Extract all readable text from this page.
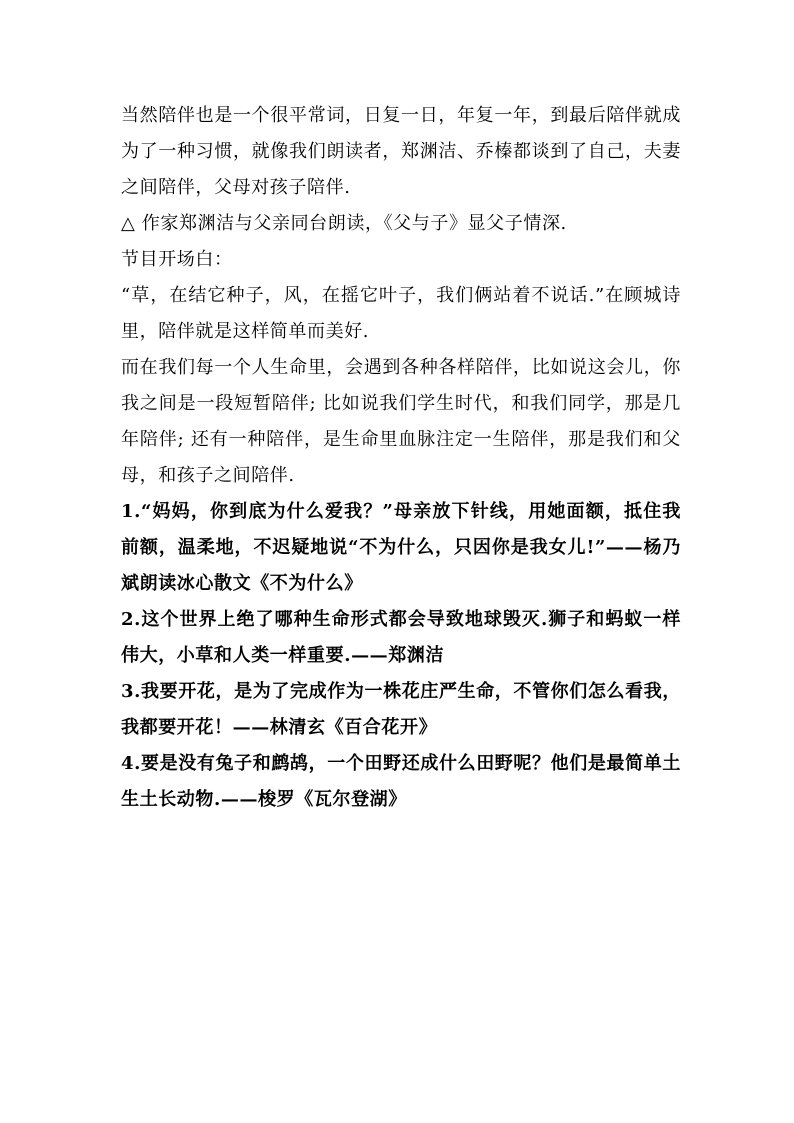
当然陪伴也是一个很平常词，日复一日，年复一年，到最后陪伴就成为了一种习惯，就像我们朗读者，郑渊洁、乔榛都谈到了自己，夫妻之间陪伴，父母对孩子陪伴.

△ 作家郑渊洁与父亲同台朗读，《父与子》显父子情深.

节目开场白：

“草，在结它种子，风，在摇它叶子，我们俩站着不说话.”在顾城诗里，陪伴就是这样简单而美好.

而在我们每一个人生命里，会遇到各种各样陪伴，比如说这会儿，你我之间是一段短暂陪伴; 比如说我们学生时代，和我们同学，那是几年陪伴; 还有一种陪伴，是生命里血脉注定一生陪伴，那是我们和父母，和孩子之间陪伴.

1.“妈妈，你到底为什么爱我？”母亲放下针线，用她面额，抵住我前额，温柔地，不迟疑地说“不为什么，只因你是我女儿!”——杨乃斌朗读冰心散文《不为什么》

2.这个世界上绝了哪种生命形式都会导致地球毁灭.狮子和蚂蚁一样伟大，小草和人类一样重要.——郑渊洁

3.我要开花，是为了完成作为一株花庄严生命，不管你们怎么看我，我都要开花！——林清玄《百合花开》

4.要是没有兔子和鹧鸪，一个田野还成什么田野呢？他们是最简单土生土长动物.——梭罗《瓦尔登湖》
